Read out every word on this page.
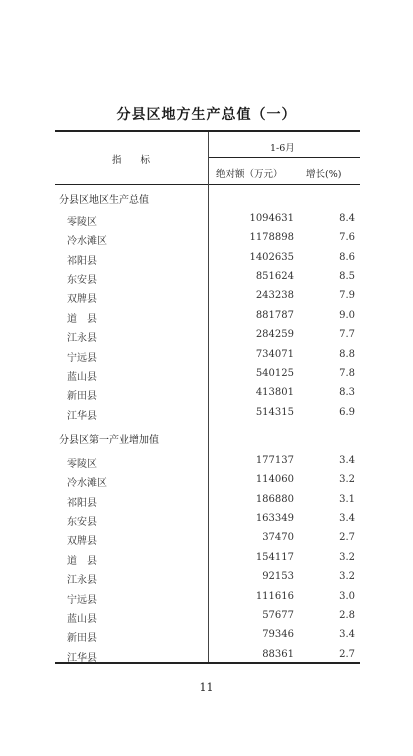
分县区地方生产总值（一）
指　　标
1-6月
绝对额（万元） 增长(%)
分县区地区生产总值
零陵区	1094631	8.4
冷水滩区	1178898	7.6
祁阳县	1402635	8.6
东安县	851624	8.5
双牌县	243238	7.9
道　县	881787	9.0
江永县	284259	7.7
宁远县	734071	8.8
蓝山县	540125	7.8
新田县	413801	8.3
江华县	514315	6.9
分县区第一产业增加值
零陵区	177137	3.4
冷水滩区	114060	3.2
祁阳县	186880	3.1
东安县	163349	3.4
双牌县	37470	2.7
道　县	154117	3.2
江永县	92153	3.2
宁远县	111616	3.0
蓝山县	57677	2.8
新田县	79346	3.4
江华县	88361	2.7
11
